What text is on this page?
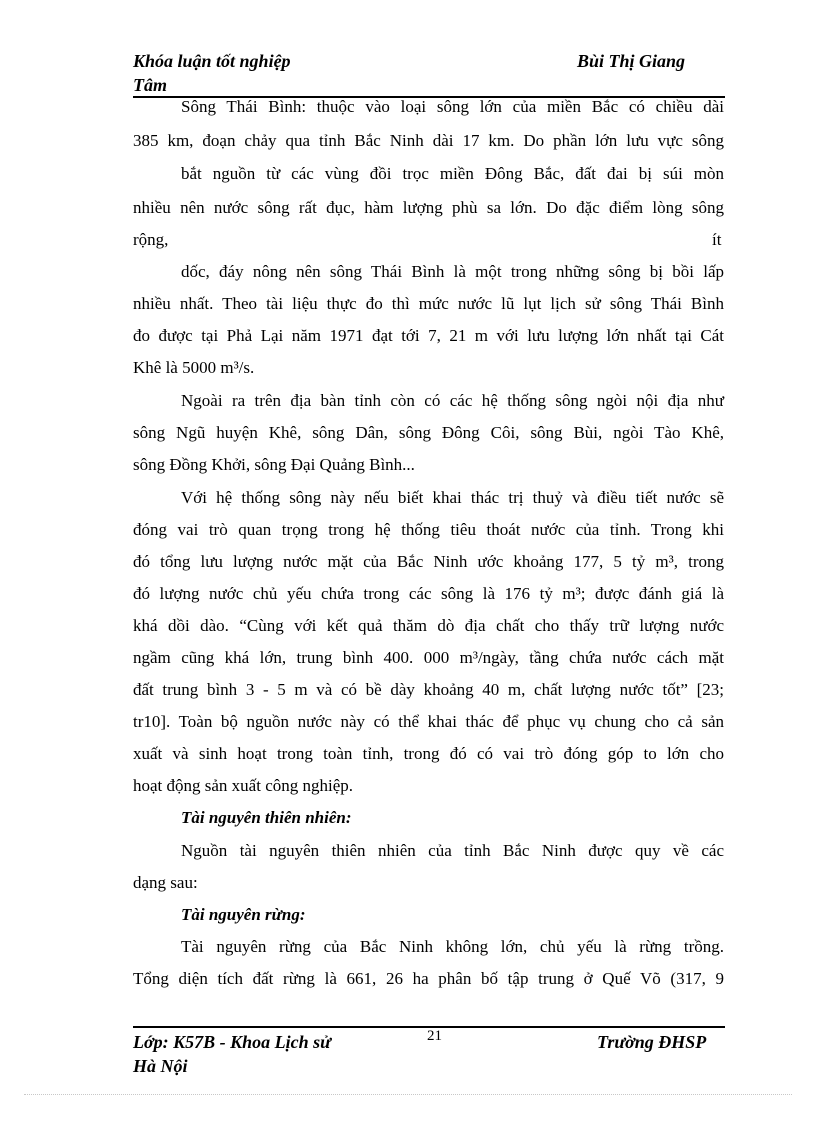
Khóa luận tốt nghiệp	Bùi Thị Giang
Tâm
Sông Thái Bình: thuộc vào loại sông lớn của miền Bắc có chiều dài
385 km, đoạn chảy qua tỉnh Bắc Ninh dài 17 km. Do phần lớn lưu vực sông
bắt nguồn từ các vùng đồi trọc miền Đông Bắc, đất đai bị súi mòn
nhiều nên nước sông rất đục, hàm lượng phù sa lớn. Do đặc điểm lòng sông
rộng,	ít
dốc, đáy nông nên sông Thái Bình là một trong những sông bị bồi lấp
nhiều nhất. Theo tài liệu thực đo thì mức nước lũ lụt lịch sử sông Thái Bình
đo được tại Phả Lại năm 1971 đạt tới 7, 21 m với lưu lượng lớn nhất tại Cát
Khê là 5000 m³/s.
Ngoài ra trên địa bàn tỉnh còn có các hệ thống sông ngòi nội địa như
sông Ngũ huyện Khê, sông Dân, sông Đông Côi, sông Bùi, ngòi Tào Khê,
sông Đồng Khởi, sông Đại Quảng Bình...
Với hệ thống sông này nếu biết khai thác trị thuỷ và điều tiết nước sẽ
đóng vai trò quan trọng trong hệ thống tiêu thoát nước của tỉnh. Trong khi
đó tổng lưu lượng nước mặt của Bắc Ninh ước khoảng 177, 5 tỷ m³, trong
đó lượng nước chủ yếu chứa trong các sông là 176 tỷ m³; được đánh giá là
khá dồi dào. “Cùng với kết quả thăm dò địa chất cho thấy trữ lượng nước
ngầm cũng khá lớn, trung bình 400. 000 m³/ngày, tầng chứa nước cách mặt
đất trung bình 3 - 5 m và có bề dày khoảng 40 m, chất lượng nước tốt” [23;
tr10]. Toàn bộ nguồn nước này có thể khai thác để phục vụ chung cho cả sản
xuất và sinh hoạt trong toàn tỉnh, trong đó có vai trò đóng góp to lớn cho
hoạt động sản xuất công nghiệp.
Tài nguyên thiên nhiên:
Nguồn tài nguyên thiên nhiên của tỉnh Bắc Ninh được quy về các
dạng sau:
Tài nguyên rừng:
Tài nguyên rừng của Bắc Ninh không lớn, chủ yếu là rừng trồng.
Tổng diện tích đất rừng là 661, 26 ha phân bố tập trung ở Quế Võ (317, 9
Lớp: K57B - Khoa Lịch sử	21	Trường ĐHSP
Hà Nội
